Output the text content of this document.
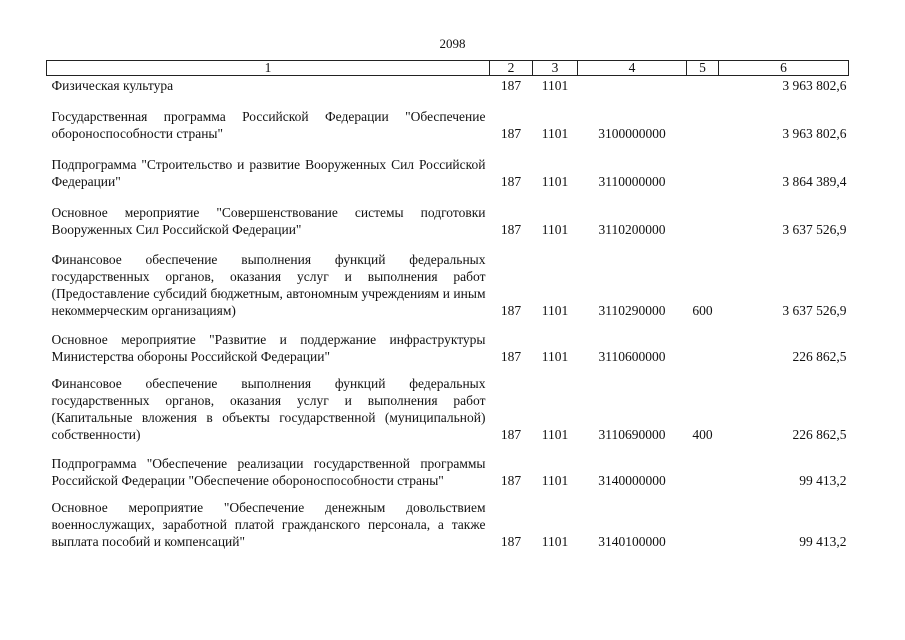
2098
1	2	3	4	5	6
Физическая культура	187	1101			3 963 802,6
Государственная программа Российской Федерации "Обеспечение обороноспособности страны"	187	1101	3100000000		3 963 802,6
Подпрограмма "Строительство и развитие Вооруженных Сил Российской Федерации"	187	1101	3110000000		3 864 389,4
Основное мероприятие "Совершенствование системы подготовки Вооруженных Сил Российской Федерации"	187	1101	3110200000		3 637 526,9
Финансовое обеспечение выполнения функций федеральных государственных органов, оказания услуг и выполнения работ (Предоставление субсидий бюджетным, автономным учреждениям и иным некоммерческим организациям)	187	1101	3110290000	600	3 637 526,9
Основное мероприятие "Развитие и поддержание инфраструктуры Министерства обороны Российской Федерации"	187	1101	3110600000		226 862,5
Финансовое обеспечение выполнения функций федеральных государственных органов, оказания услуг и выполнения работ (Капитальные вложения в объекты государственной (муниципальной) собственности)	187	1101	3110690000	400	226 862,5
Подпрограмма "Обеспечение реализации государственной программы Российской Федерации "Обеспечение обороноспособности страны"	187	1101	3140000000		99 413,2
Основное мероприятие "Обеспечение денежным довольствием военнослужащих, заработной платой гражданского персонала, а также выплата пособий и компенсаций"	187	1101	3140100000		99 413,2
